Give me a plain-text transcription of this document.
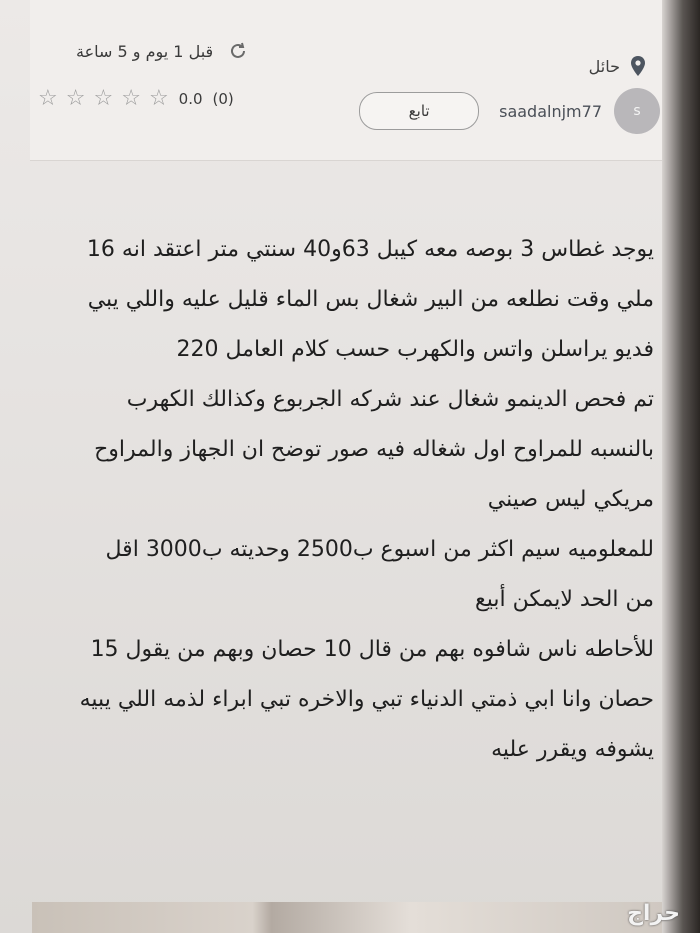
قبل 1 يوم و 5 ساعة
حائل
☆ ☆ ☆ ☆ ☆ 0.0 (0)
تابع	saadalnjm77	s
يوجد غطاس 3 بوصه معه كيبل 63و40 سنتي متر اعتقد انه 16
ملي وقت نطلعه من البير شغال بس الماء قليل عليه واللي يبي
فديو يراسلن واتس والكهرب حسب كلام العامل 220
تم فحص الدينمو شغال عند شركه الجربوع وكذالك الكهرب
بالنسبه للمراوح اول شغاله فيه صور توضح ان الجهاز والمراوح
مريكي ليس صيني
للمعلوميه سيم اكثر من اسبوع ب2500 وحديته ب3000 اقل
من الحد لايمكن أبيع
للأحاطه ناس شافوه بهم من قال 10 حصان وبهم من يقول 15
حصان وانا ابي ذمتي الدنياء تبي والاخره تبي ابراء لذمه اللي يبيه
يشوفه ويقرر عليه
حراج
